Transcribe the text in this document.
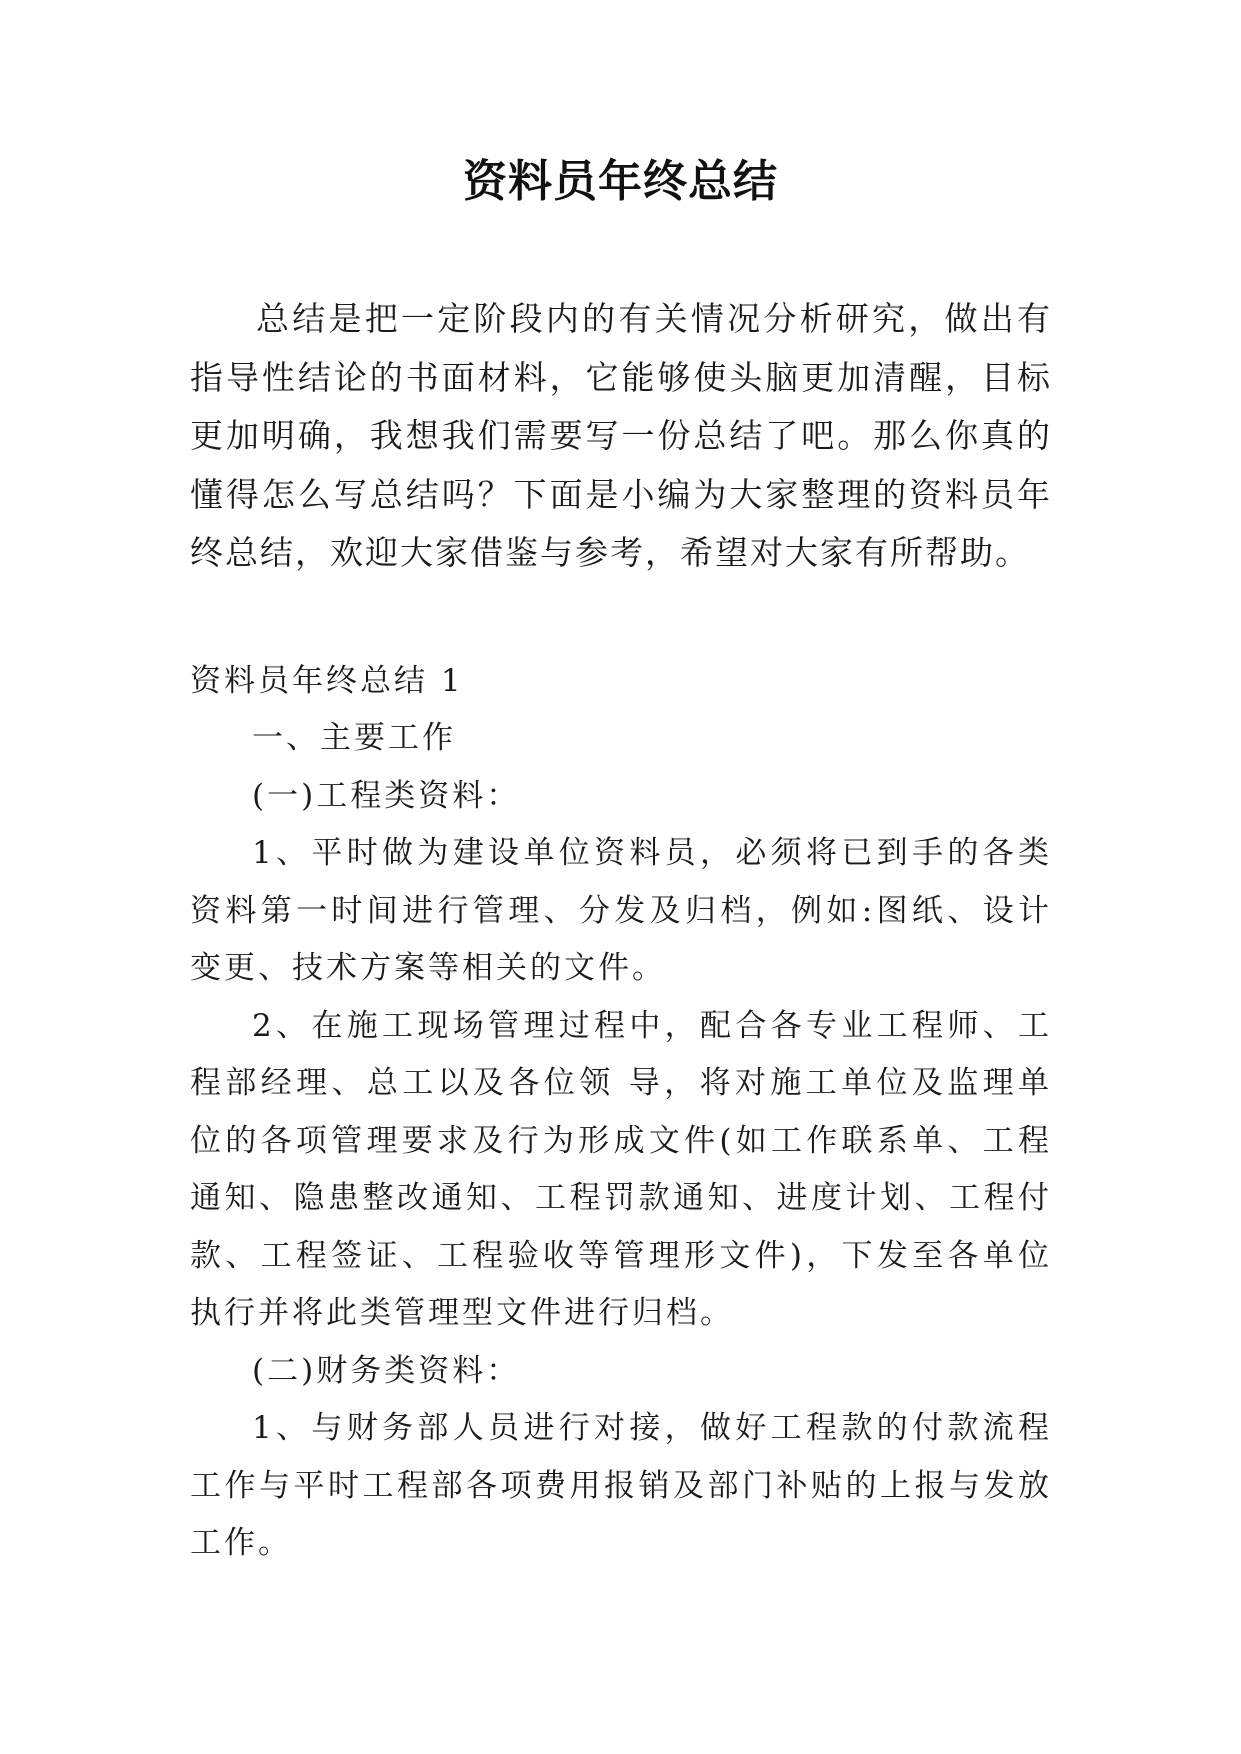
资料员年终总结

总结是把一定阶段内的有关情况分析研究，做出有指导性结论的书面材料，它能够使头脑更加清醒，目标更加明确，我想我们需要写一份总结了吧。那么你真的懂得怎么写总结吗？下面是小编为大家整理的资料员年终总结，欢迎大家借鉴与参考，希望对大家有所帮助。

资料员年终总结 1

一、主要工作

(一)工程类资料：

1、平时做为建设单位资料员，必须将已到手的各类资料第一时间进行管理、分发及归档，例如:图纸、设计变更、技术方案等相关的文件。

2、在施工现场管理过程中，配合各专业工程师、工程部经理、总工以及各位领 导，将对施工单位及监理单位的各项管理要求及行为形成文件(如工作联系单、工程通知、隐患整改通知、工程罚款通知、进度计划、工程付款、工程签证、工程验收等管理形文件)，下发至各单位执行并将此类管理型文件进行归档。

(二)财务类资料：

1、与财务部人员进行对接，做好工程款的付款流程工作与平时工程部各项费用报销及部门补贴的上报与发放工作。
